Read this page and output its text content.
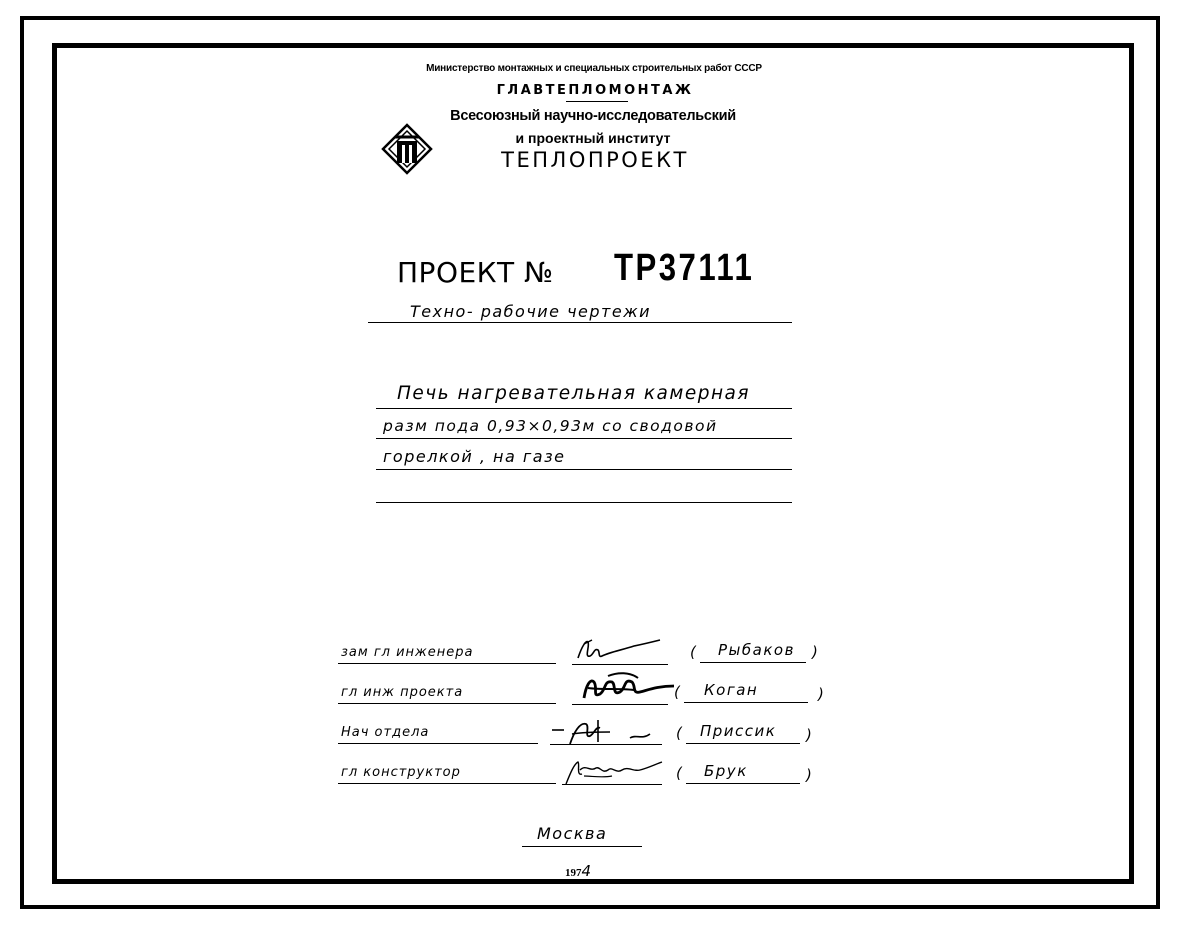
Министерство монтажных и специальных строительных работ СССР
ГЛАВТЕПЛОМОНТАЖ
Всесоюзный научно-исследовательский
и проектный институт
ТЕПЛОПРОЕКТ
ПРОЕКТ № ТР37111
Техно- рабочие чертежи
Печь нагревательная камерная
разм пода 0,93×0,93м со сводовой
горелкой , на газе
зам гл инженера	( Рыбаков )
гл инж проекта	( Коган	)
Нач отдела	( Приссик )
гл конструктор	( Брук	)
Москва
1974
